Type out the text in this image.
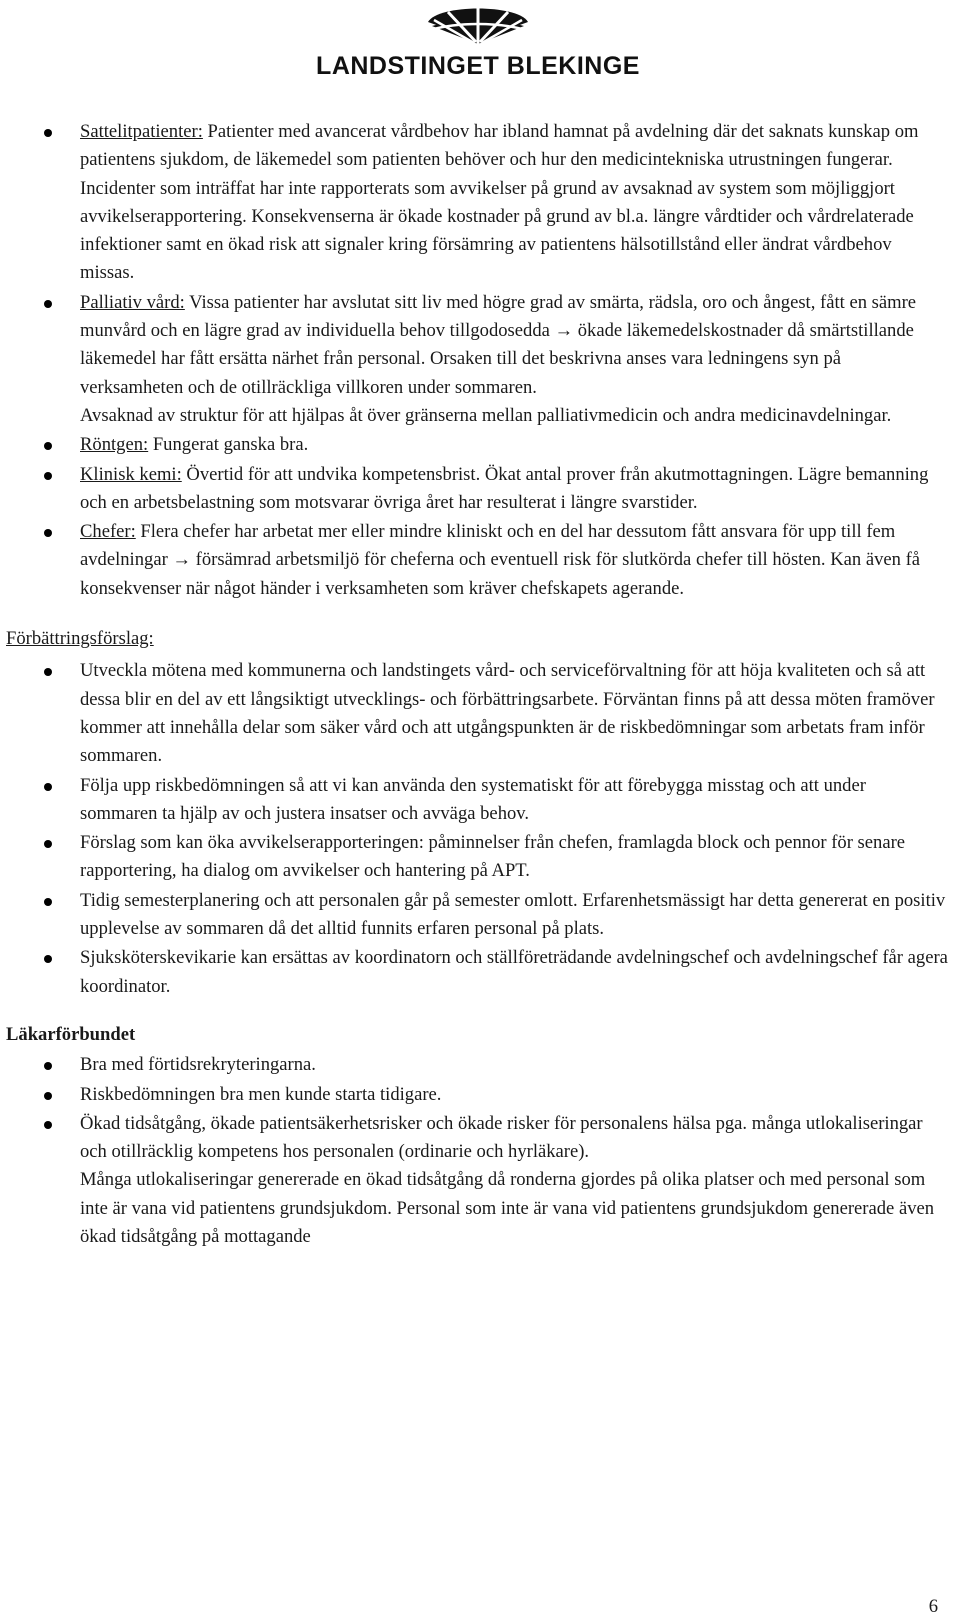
LANDSTINGET BLEKINGE
Sattelitpatienter: Patienter med avancerat vårdbehov har ibland hamnat på avdelning där det saknats kunskap om patientens sjukdom, de läkemedel som patienten behöver och hur den medicintekniska utrustningen fungerar. Incidenter som inträffat har inte rapporterats som avvikelser på grund av avsaknad av system som möjliggjort avvikelserapportering. Konsekvenserna är ökade kostnader på grund av bl.a. längre vårdtider och vårdrelaterade infektioner samt en ökad risk att signaler kring försämring av patientens hälsotillstånd eller ändrat vårdbehov missas.
Palliativ vård: Vissa patienter har avslutat sitt liv med högre grad av smärta, rädsla, oro och ångest, fått en sämre munvård och en lägre grad av individuella behov tillgodosedda → ökade läkemedelskostnader då smärtstillande läkemedel har fått ersätta närhet från personal. Orsaken till det beskrivna anses vara ledningens syn på verksamheten och de otillräckliga villkoren under sommaren.
Avsaknad av struktur för att hjälpas åt över gränserna mellan palliativmedicin och andra medicinavdelningar.
Röntgen: Fungerat ganska bra.
Klinisk kemi: Övertid för att undvika kompetensbrist. Ökat antal prover från akutmottagningen. Lägre bemanning och en arbetsbelastning som motsvarar övriga året har resulterat i längre svarstider.
Chefer: Flera chefer har arbetat mer eller mindre kliniskt och en del har dessutom fått ansvara för upp till fem avdelningar → försämrad arbetsmiljö för cheferna och eventuell risk för slutkörda chefer till hösten. Kan även få konsekvenser när något händer i verksamheten som kräver chefskapets agerande.
Förbättringsförslag:
Utveckla mötena med kommunerna och landstingets vård- och serviceförvaltning för att höja kvaliteten och så att dessa blir en del av ett långsiktigt utvecklings- och förbättringsarbete. Förväntan finns på att dessa möten framöver kommer att innehålla delar som säker vård och att utgångspunkten är de riskbedömningar som arbetats fram inför sommaren.
Följa upp riskbedömningen så att vi kan använda den systematiskt för att förebygga misstag och att under sommaren ta hjälp av och justera insatser och avväga behov.
Förslag som kan öka avvikelserapporteringen: påminnelser från chefen, framlagda block och pennor för senare rapportering, ha dialog om avvikelser och hantering på APT.
Tidig semesterplanering och att personalen går på semester omlott. Erfarenhetsmässigt har detta genererat en positiv upplevelse av sommaren då det alltid funnits erfaren personal på plats.
Sjuksköterskevikarie kan ersättas av koordinatorn och ställföreträdande avdelningschef och avdelningschef får agera koordinator.
Läkarförbundet
Bra med förtidsrekryteringarna.
Riskbedömningen bra men kunde starta tidigare.
Ökad tidsåtgång, ökade patientsäkerhetsrisker och ökade risker för personalens hälsa pga. många utlokaliseringar och otillräcklig kompetens hos personalen (ordinarie och hyrläkare).
Många utlokaliseringar genererade en ökad tidsåtgång då ronderna gjordes på olika platser och med personal som inte är vana vid patientens grundsjukdom. Personal som inte är vana vid patientens grundsjukdom genererade även ökad tidsåtgång på mottagande
6
